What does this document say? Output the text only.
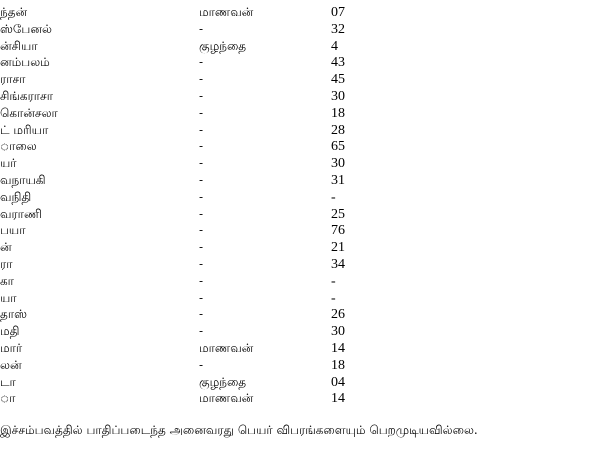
ந்தன்	மாணவன்	07
ஸ்பேனல்	-	32
ன்சியா	குழந்தை	4
னம்பலம்	-	43
ராசா	-	45
சிங்கராசா	-	30
கொன்சலா	-	18
ட் மரியா	-	28
ாலை	-	65
யர்	-	30
வநாயகி	-	31
வநிதி	-	-
வராணி	-	25
பயா	-	76
ன்	-	21
ரா	-	34
கா	-	-
யா	-	-
தாஸ்	-	26
மதி	-	30
மார்	மாணவன்	14
லன்	-	18
டா	குழந்தை	04
ா	மாணவன்	14
இச்சம்பவத்தில் பாதிப்படைந்த அனைவரது பெயர் விபரங்களையும் பெறமுடியவில்லை.
